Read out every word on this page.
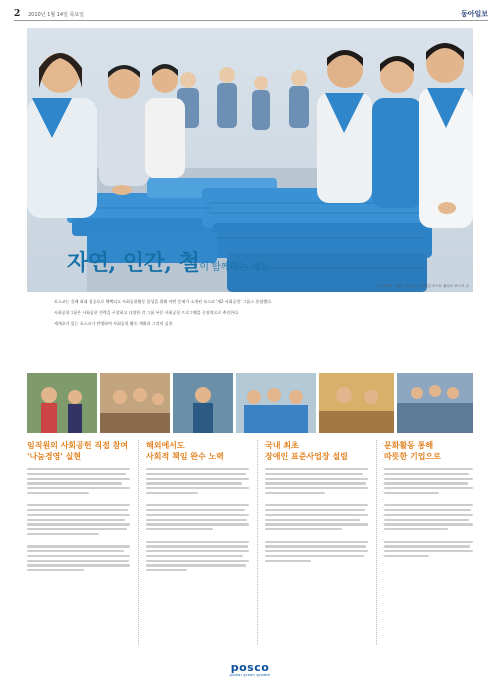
2 2010년 1월 14일 목요일	동아일보
자연, 인간, 철이 함께하는 세상
포스코에서 결혼한 역대 최국 협력업 포스트 필로도 포스코 수

포스코는 올해 최대 성공으로 채택되고 사회공헌활동 쓸성을 위해 어떤 문제가 소개된 모스코 '제2 사회공헌' 그룹스 통합했다.

사회공헌그룹은 사회공헌 전략을 구상하고 다양한 각 그룹 부문 사회공헌 프로그램을 중점적으로 추진한다.

세계초가 있는 포스코가 반영하여 사회공헌 활동 계획과 그것의 실천.

임직원의 사회공헌 직접 참여
'나눔경영' 실현
해외에서도
사회적 책임 완수 노력
국내 최초
장애인 표준사업장 설립
문화활동 통해
따뜻한 기업으로
posco
global green growth
